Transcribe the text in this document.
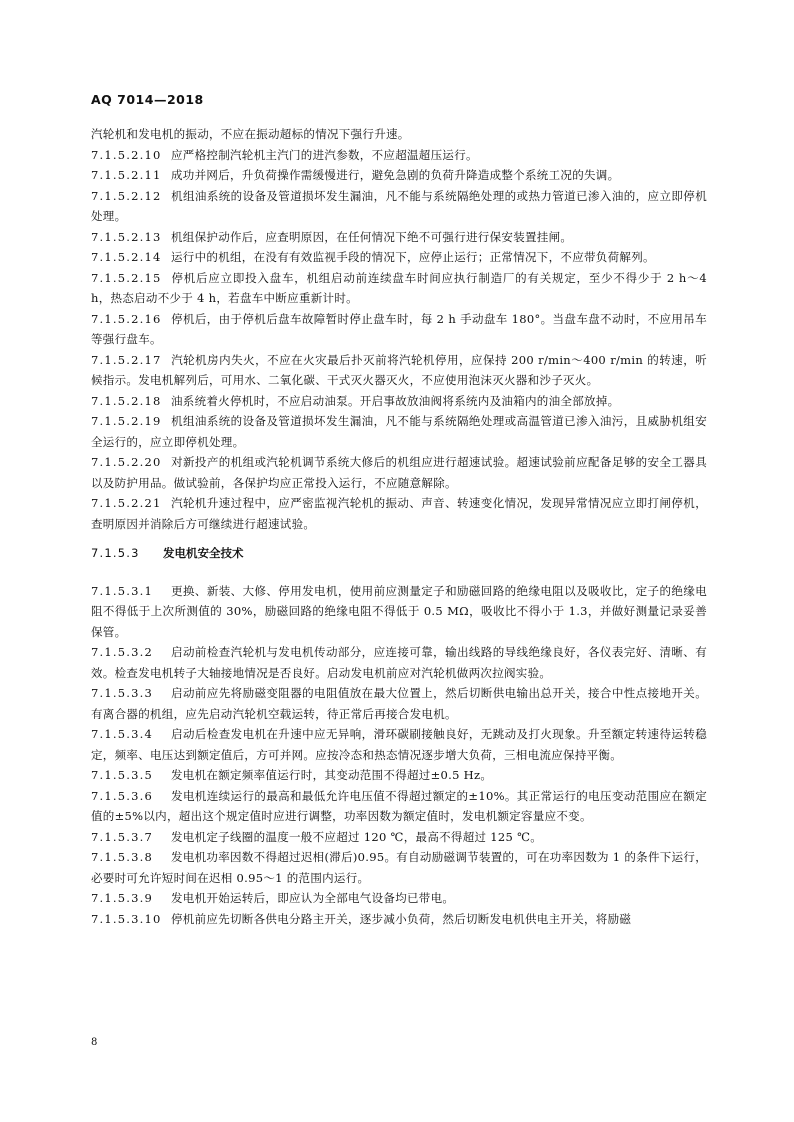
AQ 7014—2018

汽轮机和发电机的振动，不应在振动超标的情况下强行升速。

7.1.5.2.10 应严格控制汽轮机主汽门的进汽参数，不应超温超压运行。

7.1.5.2.11 成功并网后，升负荷操作需缓慢进行，避免急剧的负荷升降造成整个系统工况的失调。

7.1.5.2.12 机组油系统的设备及管道损坏发生漏油，凡不能与系统隔绝处理的或热力管道已渗入油的，应立即停机处理。

7.1.5.2.13 机组保护动作后，应查明原因，在任何情况下绝不可强行进行保安装置挂闸。

7.1.5.2.14 运行中的机组，在没有有效监视手段的情况下，应停止运行；正常情况下，不应带负荷解列。

7.1.5.2.15 停机后应立即投入盘车，机组启动前连续盘车时间应执行制造厂的有关规定，至少不得少于 2 h～4 h，热态启动不少于 4 h，若盘车中断应重新计时。

7.1.5.2.16 停机后，由于停机后盘车故障暂时停止盘车时，每 2 h 手动盘车 180°。当盘车盘不动时，不应用吊车等强行盘车。

7.1.5.2.17 汽轮机房内失火，不应在火灾最后扑灭前将汽轮机停用，应保持 200 r/min～400 r/min 的转速，听候指示。发电机解列后，可用水、二氧化碳、干式灭火器灭火，不应使用泡沫灭火器和沙子灭火。

7.1.5.2.18 油系统着火停机时，不应启动油泵。开启事故放油阀将系统内及油箱内的油全部放掉。

7.1.5.2.19 机组油系统的设备及管道损坏发生漏油，凡不能与系统隔绝处理或高温管道已渗入油污，且威胁机组安全运行的，应立即停机处理。

7.1.5.2.20 对新投产的机组或汽轮机调节系统大修后的机组应进行超速试验。超速试验前应配备足够的安全工器具以及防护用品。做试验前，各保护均应正常投入运行，不应随意解除。

7.1.5.2.21 汽轮机升速过程中，应严密监视汽轮机的振动、声音、转速变化情况，发现异常情况应立即打闸停机，查明原因并消除后方可继续进行超速试验。

7.1.5.3 发电机安全技术

7.1.5.3.1 更换、新装、大修、停用发电机，使用前应测量定子和励磁回路的绝缘电阻以及吸收比，定子的绝缘电阻不得低于上次所测值的 30%，励磁回路的绝缘电阻不得低于 0.5 MΩ，吸收比不得小于 1.3，并做好测量记录妥善保管。

7.1.5.3.2 启动前检查汽轮机与发电机传动部分，应连接可靠，输出线路的导线绝缘良好，各仪表完好、清晰、有效。检查发电机转子大轴接地情况是否良好。启动发电机前应对汽轮机做两次拉阀实验。

7.1.5.3.3 启动前应先将励磁变阻器的电阻值放在最大位置上，然后切断供电输出总开关，接合中性点接地开关。有离合器的机组，应先启动汽轮机空载运转，待正常后再接合发电机。

7.1.5.3.4 启动后检查发电机在升速中应无异响，滑环碳刷接触良好，无跳动及打火现象。升至额定转速待运转稳定，频率、电压达到额定值后，方可并网。应按冷态和热态情况逐步增大负荷，三相电流应保持平衡。

7.1.5.3.5 发电机在额定频率值运行时，其变动范围不得超过±0.5 Hz。

7.1.5.3.6 发电机连续运行的最高和最低允许电压值不得超过额定的±10%。其正常运行的电压变动范围应在额定值的±5%以内，超出这个规定值时应进行调整，功率因数为额定值时，发电机额定容量应不变。

7.1.5.3.7 发电机定子线圈的温度一般不应超过 120 ℃，最高不得超过 125 ℃。

7.1.5.3.8 发电机功率因数不得超过迟相(滞后)0.95。有自动励磁调节装置的，可在功率因数为 1 的条件下运行，必要时可允许短时间在迟相 0.95～1 的范围内运行。

7.1.5.3.9 发电机开始运转后，即应认为全部电气设备均已带电。

7.1.5.3.10 停机前应先切断各供电分路主开关，逐步减小负荷，然后切断发电机供电主开关，将励磁

8
